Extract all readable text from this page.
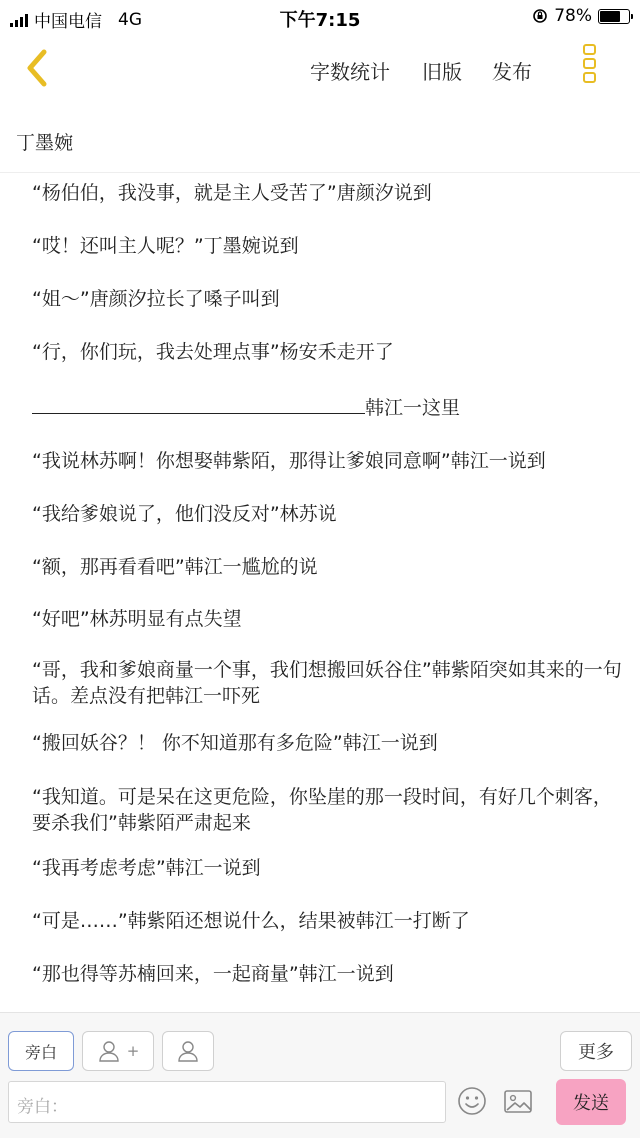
中国电信 4G	下午7:15	78%
字数统计 旧版 发布
丁墨婉
“杨伯伯，我没事，就是主人受苦了”唐颜汐说到
“哎！还叫主人呢？”丁墨婉说到
“姐～”唐颜汐拉长了嗓子叫到
“行，你们玩，我去处理点事”杨安禾走开了
韩江一这里
“我说林苏啊！你想娶韩紫陌，那得让爹娘同意啊”韩江一说到
“我给爹娘说了，他们没反对”林苏说
“额，那再看看吧”韩江一尴尬的说
“好吧”林苏明显有点失望
“哥，我和爹娘商量一个事，我们想搬回妖谷住”韩紫陌突如其来的一句话。差点没有把韩江一吓死
“搬回妖谷？！ 你不知道那有多危险”韩江一说到
“我知道。可是呆在这更危险，你坠崖的那一段时间，有好几个刺客，要杀我们”韩紫陌严肃起来
“我再考虑考虑”韩江一说到
“可是……”韩紫陌还想说什么，结果被韩江一打断了
“那也得等苏楠回来，一起商量”韩江一说到
旁白	+	更多
旁白：	发送
